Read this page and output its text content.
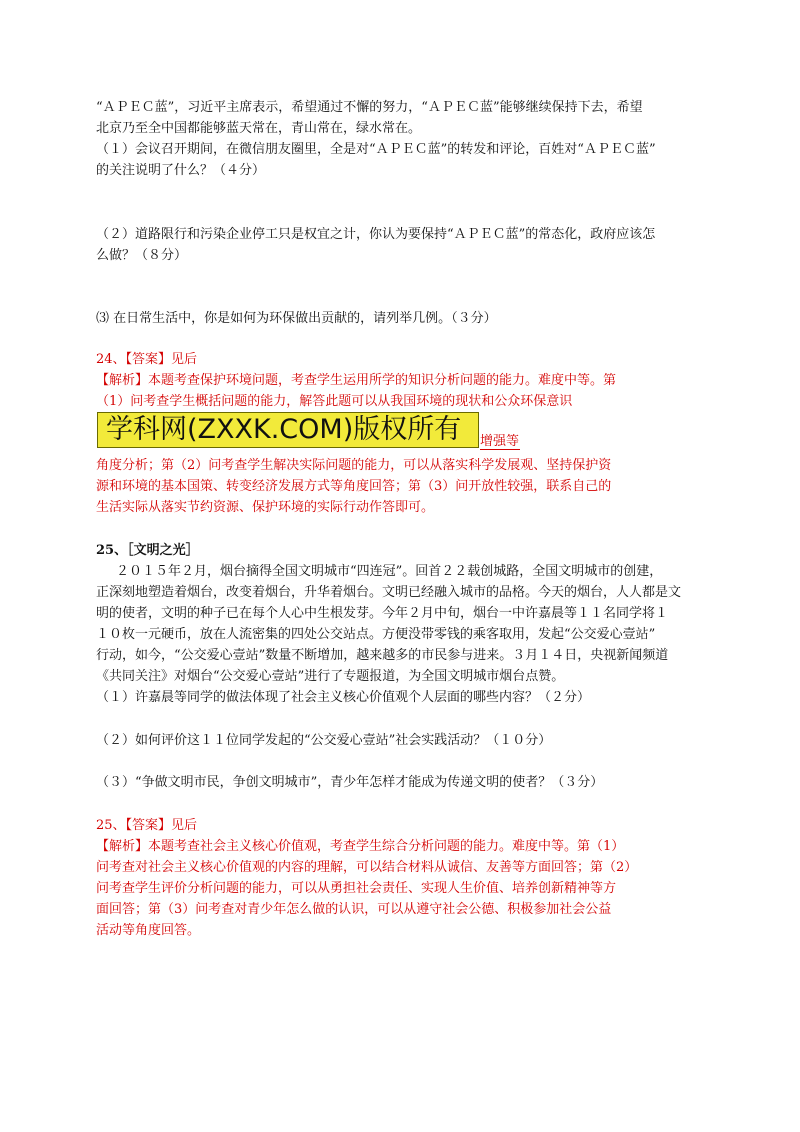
“ＡＰＥＣ蓝”，习近平主席表示，希望通过不懈的努力，“ＡＰＥＣ蓝”能够继续保持下去，希望
北京乃至全中国都能够蓝天常在，青山常在，绿水常在。
（１）会议召开期间，在微信朋友圈里，全是对“ＡＰＥＣ蓝”的转发和评论，百姓对“ＡＰＥＣ蓝”
的关注说明了什么？（４分）
（２）道路限行和污染企业停工只是权宜之计，你认为要保持“ＡＰＥＣ蓝”的常态化，政府应该怎
么做？（８分）
⑶ 在日常生活中，你是如何为环保做出贡献的，请列举几例。（３分）
24、【答案】见后
【解析】本题考查保护环境问题，考查学生运用所学的知识分析问题的能力。难度中等。第
（1）问考查学生概括问题的能力，解答此题可以从我国环境的现状和公众环保意识
学科网(ZXXK.COM)版权所有 增强等
角度分析；第（2）问考查学生解决实际问题的能力，可以从落实科学发展观、坚持保护资
源和环境的基本国策、转变经济发展方式等角度回答；第（3）问开放性较强，联系自己的
生活实际从落实节约资源、保护环境的实际行动作答即可。
25、［文明之光］
２０１５年２月，烟台摘得全国文明城市“四连冠”。回首２２载创城路，全国文明城市的创建，
正深刻地塑造着烟台，改变着烟台，升华着烟台。文明已经融入城市的品格。今天的烟台，人人都是文
明的使者，文明的种子已在每个人心中生根发芽。今年２月中旬，烟台一中许嘉晨等１１名同学将１
１０枚一元硬币，放在人流密集的四处公交站点。方便没带零钱的乘客取用，发起“公交爱心壹站”
行动，如今，“公交爱心壹站”数量不断增加，越来越多的市民参与进来。３月１４日，央视新闻频道
《共同关注》对烟台“公交爱心壹站”进行了专题报道，为全国文明城市烟台点赞。
（１）许嘉晨等同学的做法体现了社会主义核心价值观个人层面的哪些内容？（２分）
（２）如何评价这１１位同学发起的“公交爱心壹站”社会实践活动？（１０分）
（３）“争做文明市民，争创文明城市”，青少年怎样才能成为传递文明的使者？（３分）
25、【答案】见后
【解析】本题考查社会主义核心价值观，考查学生综合分析问题的能力。难度中等。第（1）
问考查对社会主义核心价值观的内容的理解，可以结合材料从诚信、友善等方面回答；第（2）
问考查学生评价分析问题的能力，可以从勇担社会责任、实现人生价值、培养创新精神等方
面回答；第（3）问考查对青少年怎么做的认识，可以从遵守社会公德、积极参加社会公益
活动等角度回答。
